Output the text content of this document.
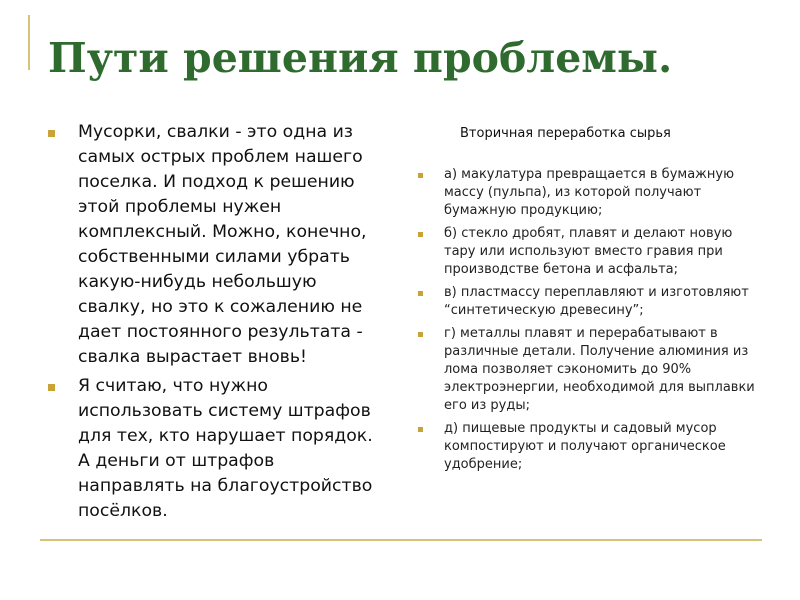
Пути решения проблемы.
Мусорки, свалки - это одна из самых острых проблем нашего поселка. И подход к решению этой проблемы нужен комплексный. Можно, конечно, собственными силами убрать какую-нибудь небольшую свалку, но это к сожалению не дает постоянного результата - свалка вырастает вновь!
Я считаю, что нужно использовать систему штрафов для тех, кто нарушает порядок. А деньги от штрафов направлять на благоустройство посёлков.
Вторичная переработка сырья
а) макулатура превращается в бумажную массу (пульпа), из которой получают бумажную продукцию;
б) стекло дробят, плавят и делают новую тару или используют вместо гравия при производстве бетона и асфальта;
в) пластмассу переплавляют и изготовляют “синтетическую древесину”;
г) металлы плавят и перерабатывают в различные детали. Получение алюминия из лома позволяет сэкономить до 90% электроэнергии, необходимой для выплавки его из руды;
д) пищевые продукты и садовый мусор компостируют и получают органическое удобрение;
